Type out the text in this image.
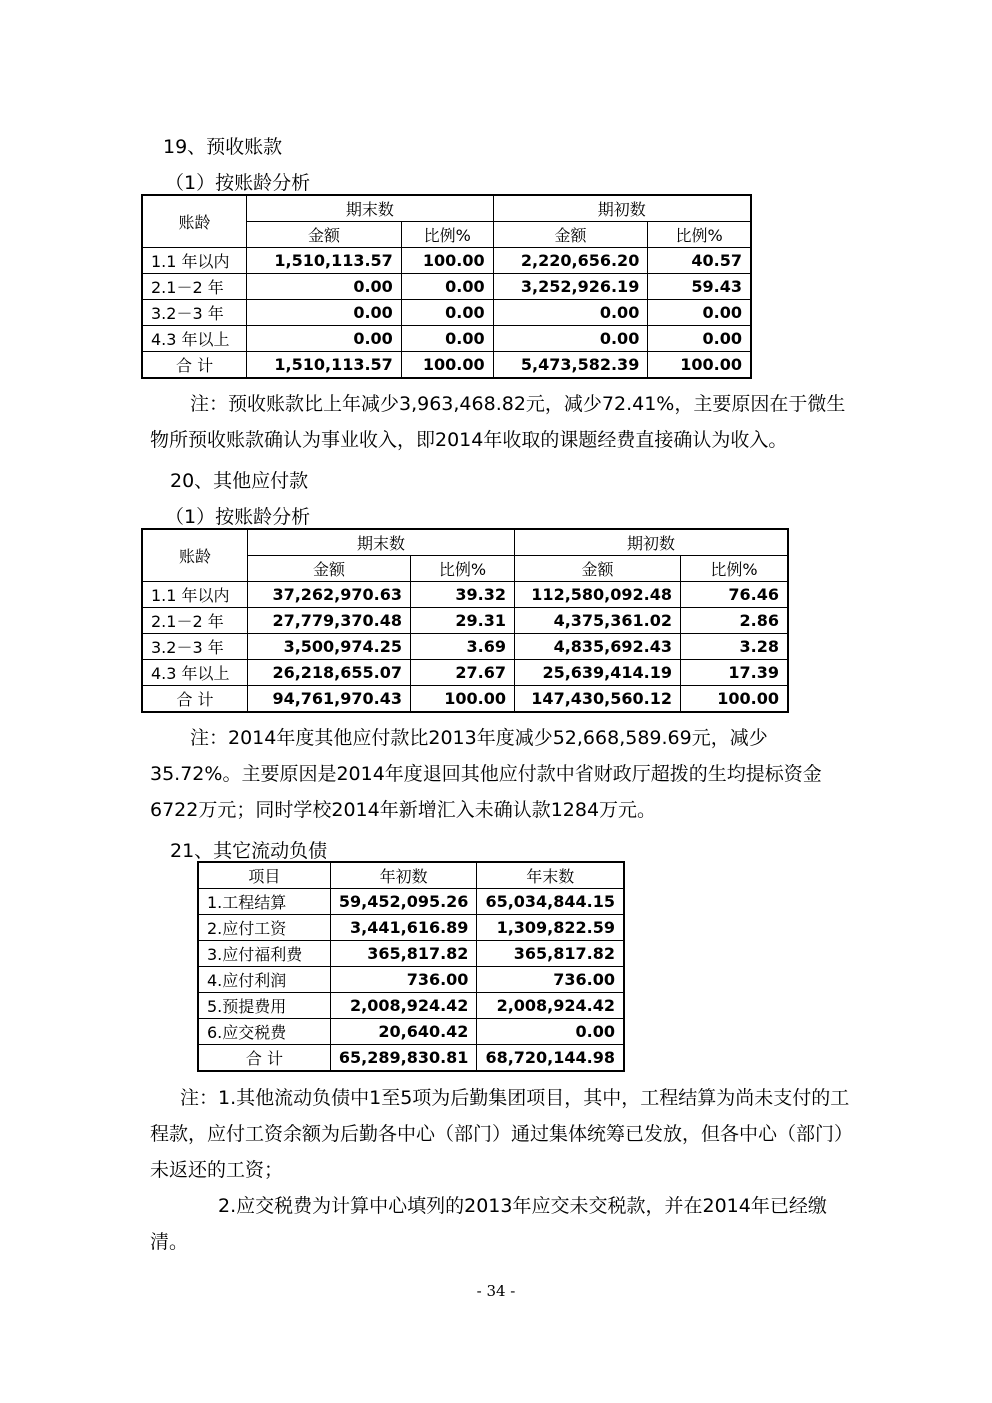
19、预收账款
（1）按账龄分析
账龄	期末数		期初数	
	金额	比例%	金额	比例%
1.1 年以内	1,510,113.57	100.00	2,220,656.20	40.57
2.1－2 年	0.00	0.00	3,252,926.19	59.43
3.2－3 年	0.00	0.00	0.00	0.00
4.3 年以上	0.00	0.00	0.00	0.00
合 计	1,510,113.57	100.00	5,473,582.39	100.00
注：预收账款比上年减少3,963,468.82元，减少72.41%，主要原因在于微生物所预收账款确认为事业收入，即2014年收取的课题经费直接确认为收入。
20、其他应付款
（1）按账龄分析
账龄	期末数		期初数	
	金额	比例%	金额	比例%
1.1 年以内	37,262,970.63	39.32	112,580,092.48	76.46
2.1－2 年	27,779,370.48	29.31	4,375,361.02	2.86
3.2－3 年	3,500,974.25	3.69	4,835,692.43	3.28
4.3 年以上	26,218,655.07	27.67	25,639,414.19	17.39
合 计	94,761,970.43	100.00	147,430,560.12	100.00
注：2014年度其他应付款比2013年度减少52,668,589.69元，减少35.72%。主要原因是2014年度退回其他应付款中省财政厅超拨的生均提标资金6722万元；同时学校2014年新增汇入未确认款1284万元。
21、其它流动负债
项目	年初数	年末数
1.工程结算	59,452,095.26	65,034,844.15
2.应付工资	3,441,616.89	1,309,822.59
3.应付福利费	365,817.82	365,817.82
4.应付利润	736.00	736.00
5.预提费用	2,008,924.42	2,008,924.42
6.应交税费	20,640.42	0.00
合 计	65,289,830.81	68,720,144.98
注：1.其他流动负债中1至5项为后勤集团项目，其中，工程结算为尚未支付的工程款，应付工资余额为后勤各中心（部门）通过集体统筹已发放，但各中心（部门）未返还的工资；
2.应交税费为计算中心填列的2013年应交未交税款，并在2014年已经缴清。
- 34 -
